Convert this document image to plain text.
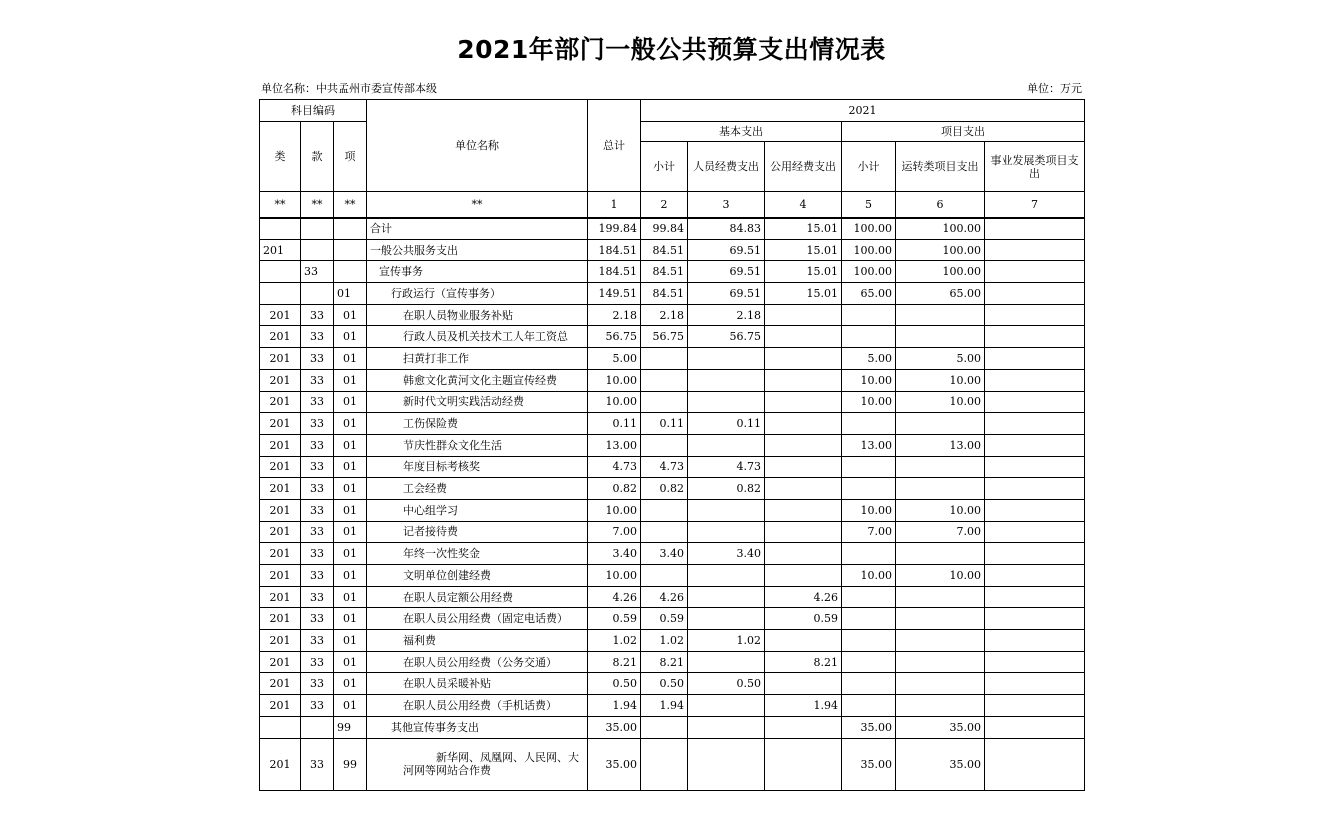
2021年部门一般公共预算支出情况表
单位名称：中共孟州市委宣传部本级	单位：万元
科目编码			单位名称	总计	2021					
类	款	项			基本支出			项目支出		
					小计	人员经费支出	公用经费支出	小计	运转类项目支出	事业发展类项目支出

**	**	**	**	1	2	3	4	5	6	7
			合计	199.84	99.84	84.83	15.01	100.00	100.00	
201			一般公共服务支出	184.51	84.51	69.51	15.01	100.00	100.00	
	33		宣传事务	184.51	84.51	69.51	15.01	100.00	100.00	
		01	行政运行（宣传事务）	149.51	84.51	69.51	15.01	65.00	65.00	
201	33	01	在职人员物业服务补贴	2.18	2.18	2.18				
201	33	01	行政人员及机关技术工人年工资总	56.75	56.75	56.75				
201	33	01	扫黄打非工作	5.00				5.00	5.00	
201	33	01	韩愈文化黄河文化主题宣传经费	10.00				10.00	10.00	
201	33	01	新时代文明实践活动经费	10.00				10.00	10.00	
201	33	01	工伤保险费	0.11	0.11	0.11				
201	33	01	节庆性群众文化生活	13.00				13.00	13.00	
201	33	01	年度目标考核奖	4.73	4.73	4.73				
201	33	01	工会经费	0.82	0.82	0.82				
201	33	01	中心组学习	10.00				10.00	10.00	
201	33	01	记者接待费	7.00				7.00	7.00	
201	33	01	年终一次性奖金	3.40	3.40	3.40				
201	33	01	文明单位创建经费	10.00				10.00	10.00	
201	33	01	在职人员定额公用经费	4.26	4.26		4.26			
201	33	01	在职人员公用经费（固定电话费）	0.59	0.59		0.59			
201	33	01	福利费	1.02	1.02	1.02				
201	33	01	在职人员公用经费（公务交通）	8.21	8.21		8.21			
201	33	01	在职人员采暖补贴	0.50	0.50	0.50				
201	33	01	在职人员公用经费（手机话费）	1.94	1.94		1.94			
		99	其他宣传事务支出	35.00				35.00	35.00	
201	33	99	新华网、凤凰网、人民网、大河网等网站合作费	35.00				35.00	35.00	
